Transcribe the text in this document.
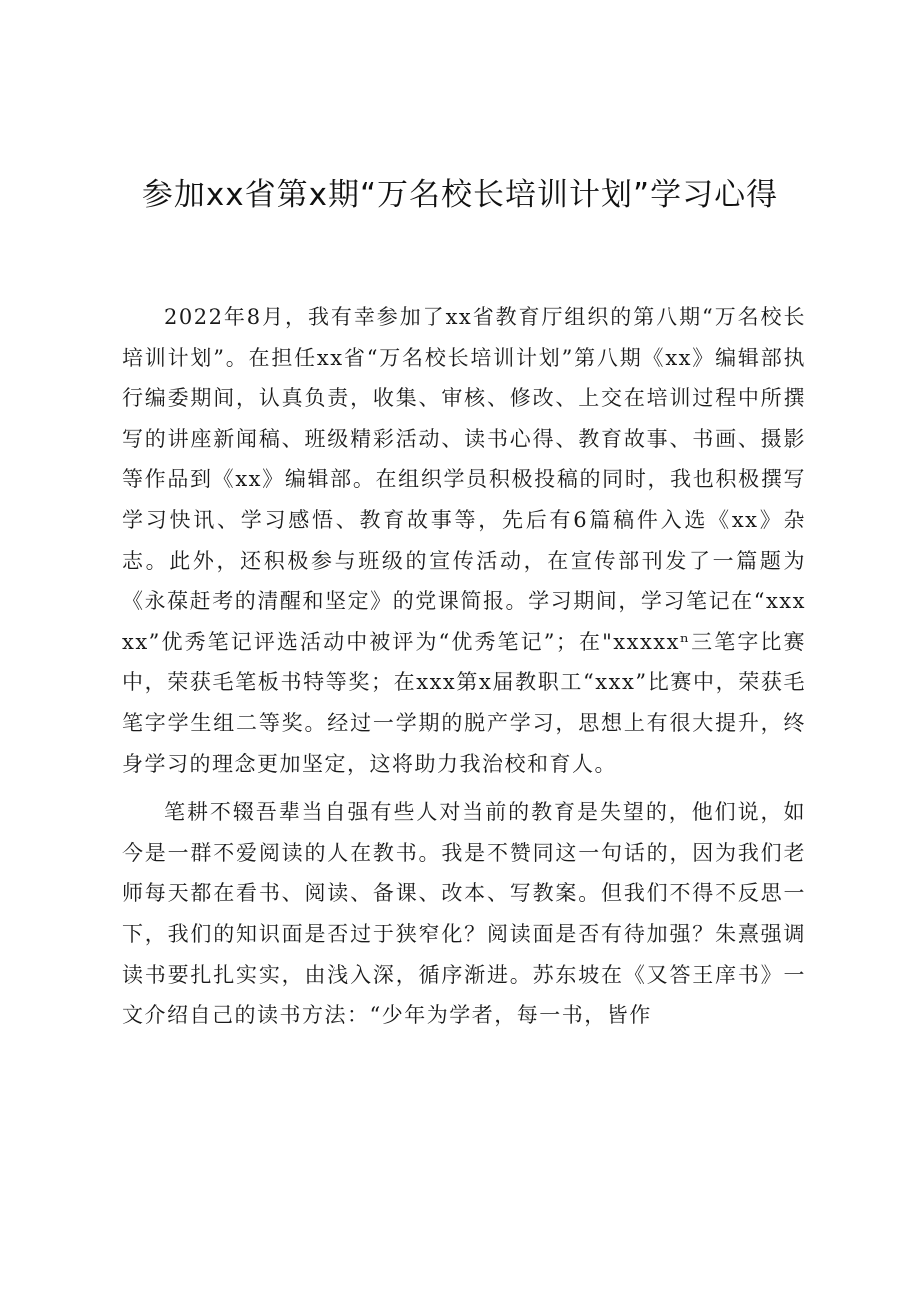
参加xx省第x期“万名校长培训计划”学习心得

2022年8月，我有幸参加了xx省教育厅组织的第八期“万名校长培训计划”。在担任xx省“万名校长培训计划”第八期《xx》编辑部执行编委期间，认真负责，收集、审核、修改、上交在培训过程中所撰写的讲座新闻稿、班级精彩活动、读书心得、教育故事、书画、摄影等作品到《xx》编辑部。在组织学员积极投稿的同时，我也积极撰写学习快讯、学习感悟、教育故事等，先后有6篇稿件入选《xx》杂志。此外，还积极参与班级的宣传活动，在宣传部刊发了一篇题为《永葆赶考的清醒和坚定》的党课简报。学习期间，学习笔记在“xxxxx”优秀笔记评选活动中被评为“优秀笔记”；在"xxxxxⁿ三笔字比赛中，荣获毛笔板书特等奖；在xxx第x届教职工“xxx”比赛中，荣获毛笔字学生组二等奖。经过一学期的脱产学习，思想上有很大提升，终身学习的理念更加坚定，这将助力我治校和育人。

笔耕不辍吾辈当自强有些人对当前的教育是失望的，他们说，如今是一群不爱阅读的人在教书。我是不赞同这一句话的，因为我们老师每天都在看书、阅读、备课、改本、写教案。但我们不得不反思一下，我们的知识面是否过于狭窄化？阅读面是否有待加强？朱熹强调读书要扎扎实实，由浅入深，循序渐进。苏东坡在《又答王庠书》一文介绍自己的读书方法：“少年为学者，每一书，皆作
